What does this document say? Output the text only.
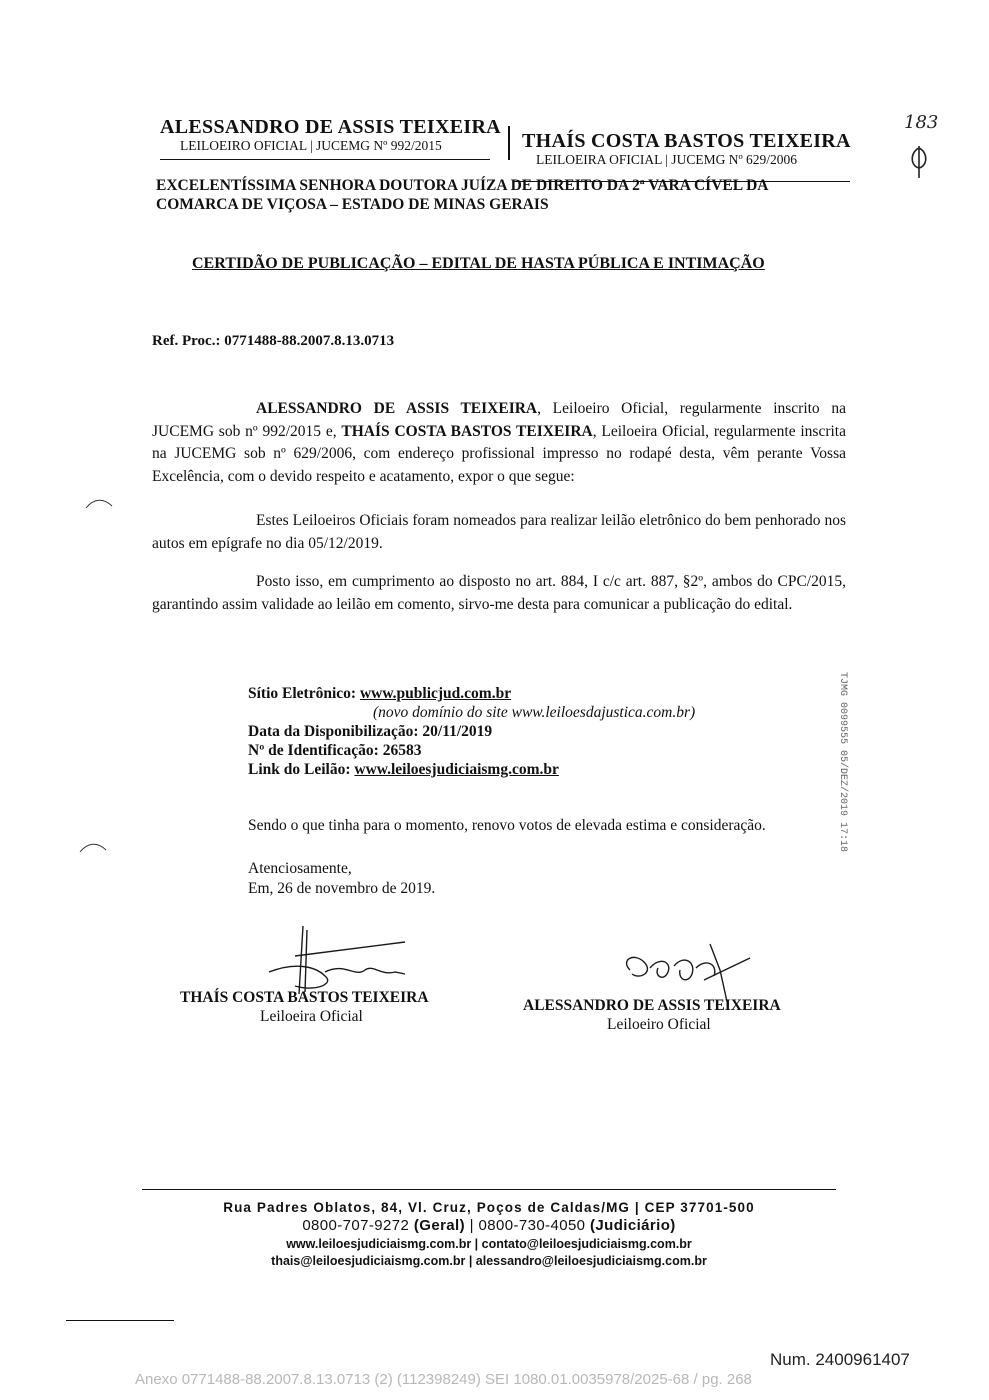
ALESSANDRO DE ASSIS TEIXEIRA
LEILOEIRO OFICIAL | JUCEMG Nº 992/2015	THAÍS COSTA BASTOS TEIXEIRA
LEILOEIRA OFICIAL | JUCEMG Nº 629/2006
183
EXCELENTÍSSIMA SENHORA DOUTORA JUÍZA DE DIREITO DA 2ª VARA CÍVEL DA
COMARCA DE VIÇOSA – ESTADO DE MINAS GERAIS
CERTIDÃO DE PUBLICAÇÃO – EDITAL DE HASTA PÚBLICA E INTIMAÇÃO
Ref. Proc.: 0771488-88.2007.8.13.0713
ALESSANDRO DE ASSIS TEIXEIRA, Leiloeiro Oficial, regularmente inscrito na JUCEMG sob nº 992/2015 e, THAÍS COSTA BASTOS TEIXEIRA, Leiloeira Oficial, regularmente inscrita na JUCEMG sob nº 629/2006, com endereço profissional impresso no rodapé desta, vêm perante Vossa Excelência, com o devido respeito e acatamento, expor o que segue:
Estes Leiloeiros Oficiais foram nomeados para realizar leilão eletrônico do bem penhorado nos autos em epígrafe no dia 05/12/2019.
Posto isso, em cumprimento ao disposto no art. 884, I c/c art. 887, §2º, ambos do CPC/2015, garantindo assim validade ao leilão em comento, sirvo-me desta para comunicar a publicação do edital.
Sítio Eletrônico: www.publicjud.com.br
(novo domínio do site www.leiloesdajustica.com.br)
Data da Disponibilização: 20/11/2019
Nº de Identificação: 26583
Link do Leilão: www.leiloesjudiciaismg.com.br
Sendo o que tinha para o momento, renovo votos de elevada estima e consideração.
Atenciosamente,
Em, 26 de novembro de 2019.
THAÍS COSTA BASTOS TEIXEIRA
Leiloeira Oficial
ALESSANDRO DE ASSIS TEIXEIRA
Leiloeiro Oficial
TJMG 0099555 05/DEZ/2019 17:18
Rua Padres Oblatos, 84, Vl. Cruz, Poços de Caldas/MG | CEP 37701-500
0800-707-9272 (Geral) | 0800-730-4050 (Judiciário)
www.leiloesjudiciaismg.com.br | contato@leiloesjudiciaismg.com.br
thais@leiloesjudiciaismg.com.br | alessandro@leiloesjudiciaismg.com.br
Num. 2400961407
Anexo 0771488-88.2007.8.13.0713 (2) (112398249) SEI 1080.01.0035978/2025-68 / pg. 268
